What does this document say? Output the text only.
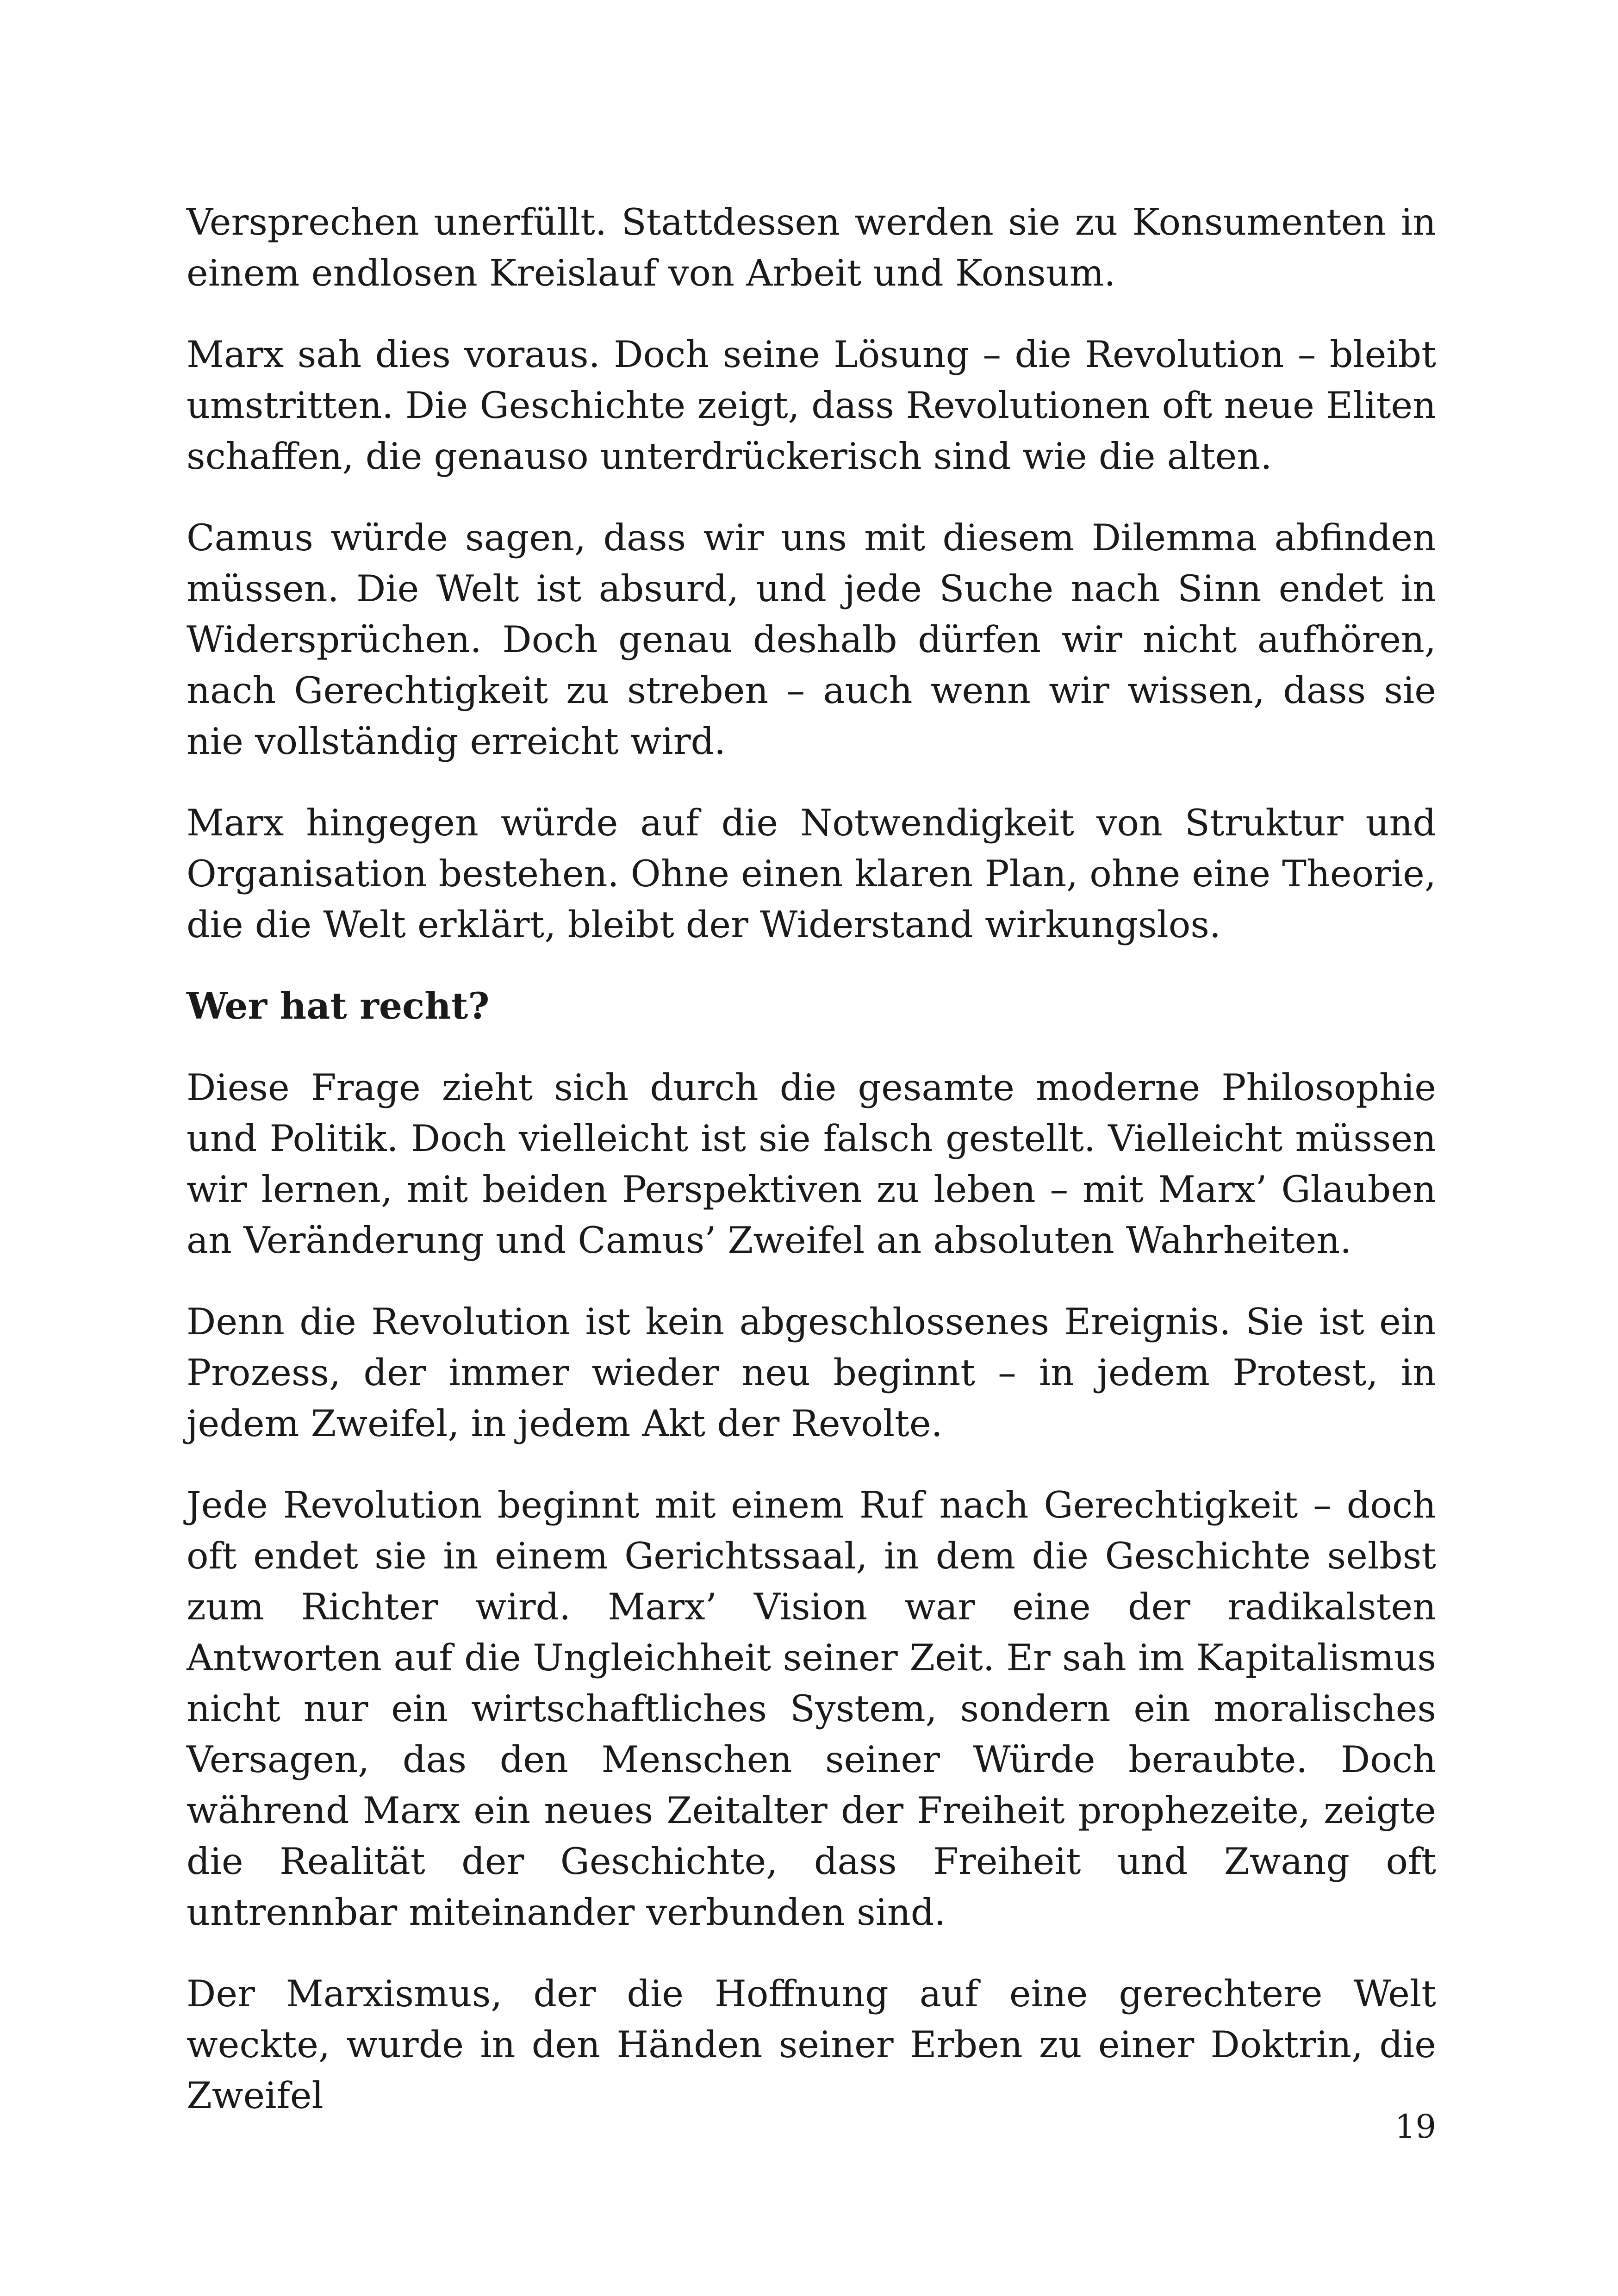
Versprechen unerfüllt. Stattdessen werden sie zu Konsumenten in einem endlosen Kreislauf von Arbeit und Konsum.

Marx sah dies voraus. Doch seine Lösung – die Revolution – bleibt umstritten. Die Geschichte zeigt, dass Revolutionen oft neue Eliten schaffen, die genauso unterdrückerisch sind wie die alten.

Camus würde sagen, dass wir uns mit diesem Dilemma abfinden müssen. Die Welt ist absurd, und jede Suche nach Sinn endet in Widersprüchen. Doch genau deshalb dürfen wir nicht aufhören, nach Gerechtigkeit zu streben – auch wenn wir wissen, dass sie nie vollständig erreicht wird.

Marx hingegen würde auf die Notwendigkeit von Struktur und Organisation bestehen. Ohne einen klaren Plan, ohne eine Theorie, die die Welt erklärt, bleibt der Widerstand wirkungslos.

Wer hat recht?

Diese Frage zieht sich durch die gesamte moderne Philosophie und Politik. Doch vielleicht ist sie falsch gestellt. Vielleicht müssen wir lernen, mit beiden Perspektiven zu leben – mit Marx’ Glauben an Veränderung und Camus’ Zweifel an absoluten Wahrheiten.

Denn die Revolution ist kein abgeschlossenes Ereignis. Sie ist ein Prozess, der immer wieder neu beginnt – in jedem Protest, in jedem Zweifel, in jedem Akt der Revolte.

Jede Revolution beginnt mit einem Ruf nach Gerechtigkeit – doch oft endet sie in einem Gerichtssaal, in dem die Geschichte selbst zum Richter wird. Marx’ Vision war eine der radikalsten Antworten auf die Ungleichheit seiner Zeit. Er sah im Kapitalismus nicht nur ein wirtschaftliches System, sondern ein moralisches Versagen, das den Menschen seiner Würde beraubte. Doch während Marx ein neues Zeitalter der Freiheit prophezeite, zeigte die Realität der Geschichte, dass Freiheit und Zwang oft untrennbar miteinander verbunden sind.

Der Marxismus, der die Hoffnung auf eine gerechtere Welt weckte, wurde in den Händen seiner Erben zu einer Doktrin, die Zweifel

19
